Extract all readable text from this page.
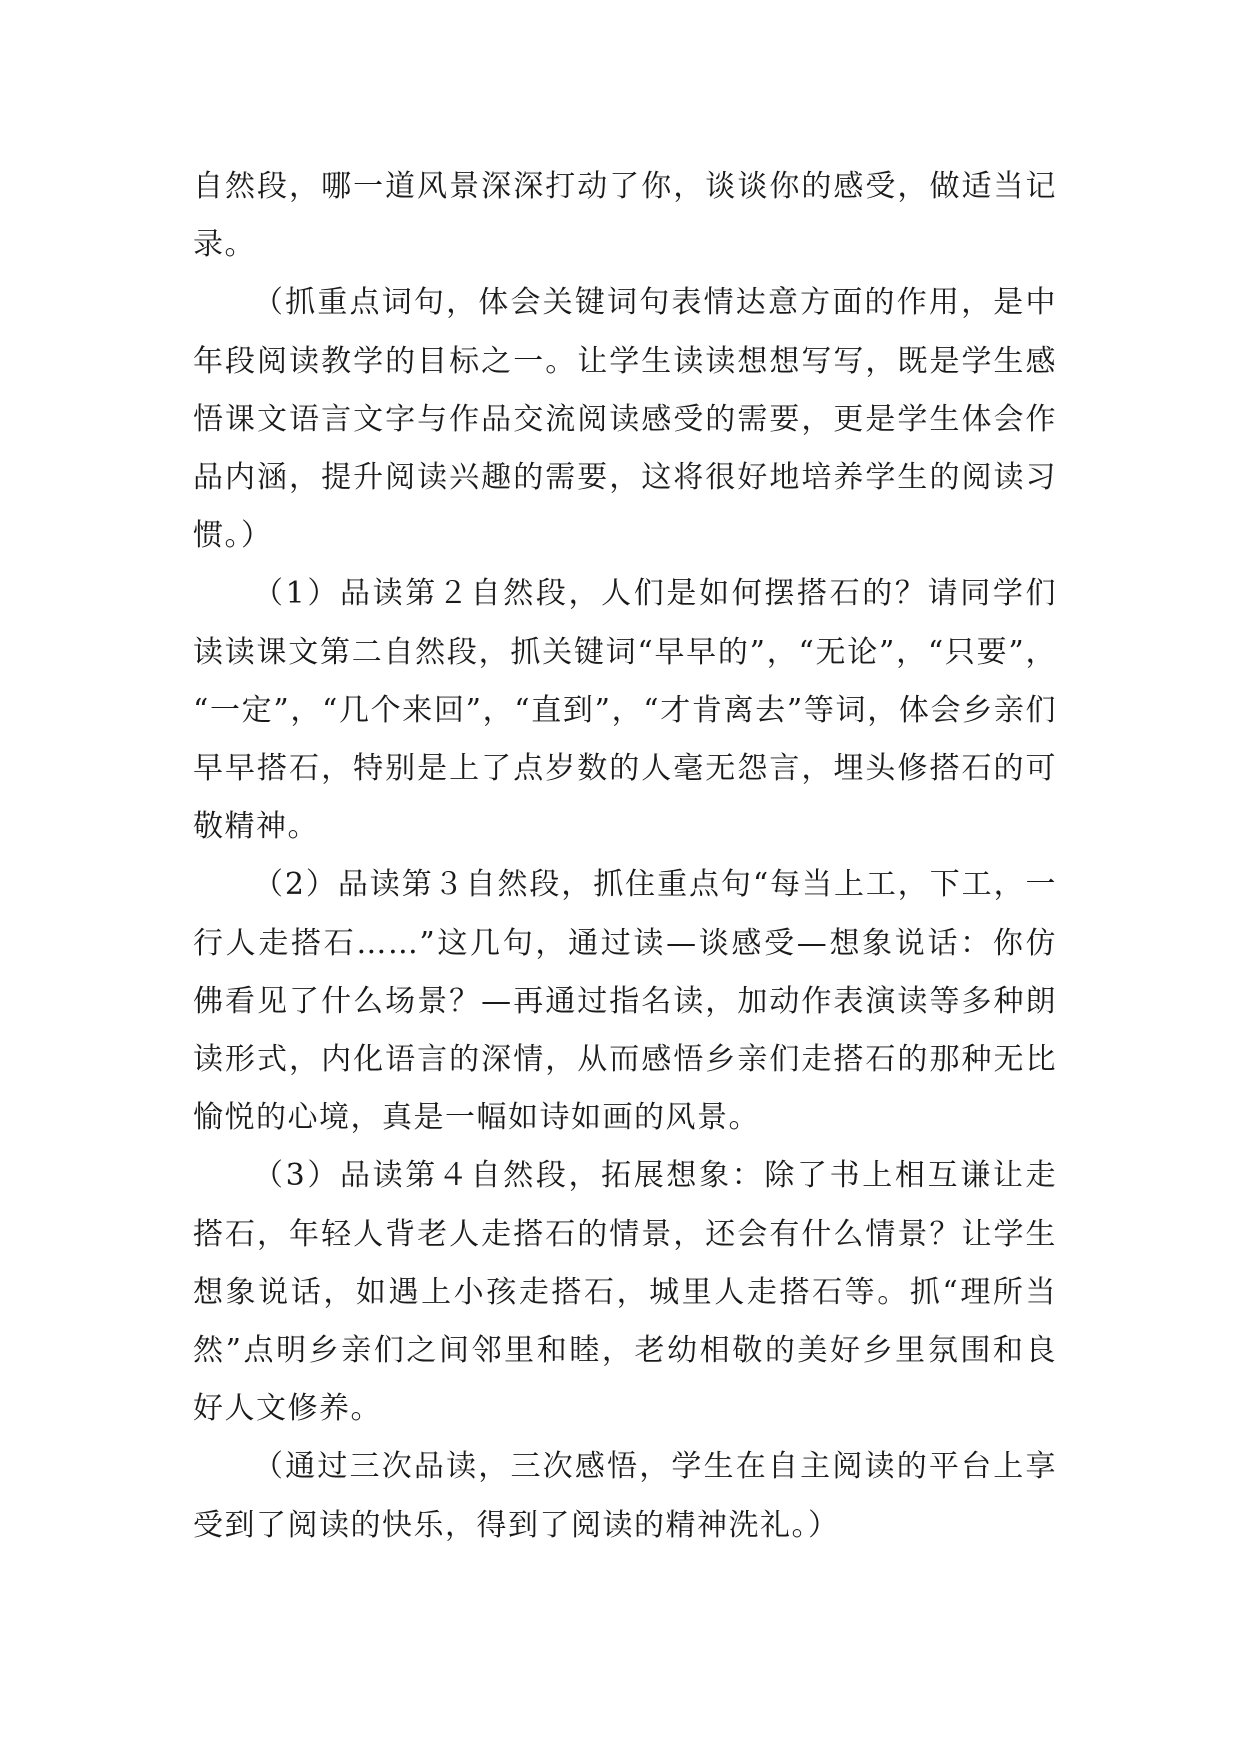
自然段，哪一道风景深深打动了你，谈谈你的感受，做适当记录。

（抓重点词句，体会关键词句表情达意方面的作用，是中年段阅读教学的目标之一。让学生读读想想写写，既是学生感悟课文语言文字与作品交流阅读感受的需要，更是学生体会作品内涵，提升阅读兴趣的需要，这将很好地培养学生的阅读习惯。）

（1）品读第２自然段，人们是如何摆搭石的？请同学们读读课文第二自然段，抓关键词“早早的”，“无论”，“只要”，“一定”，“几个来回”，“直到”，“才肯离去”等词，体会乡亲们早早搭石，特别是上了点岁数的人毫无怨言，埋头修搭石的可敬精神。

（2）品读第３自然段，抓住重点句“每当上工，下工，一行人走搭石……”这几句，通过读—谈感受—想象说话：你仿佛看见了什么场景？—再通过指名读，加动作表演读等多种朗读形式，内化语言的深情，从而感悟乡亲们走搭石的那种无比愉悦的心境，真是一幅如诗如画的风景。

（3）品读第４自然段，拓展想象：除了书上相互谦让走搭石，年轻人背老人走搭石的情景，还会有什么情景？让学生想象说话，如遇上小孩走搭石，城里人走搭石等。抓“理所当然”点明乡亲们之间邻里和睦，老幼相敬的美好乡里氛围和良好人文修养。

（通过三次品读，三次感悟，学生在自主阅读的平台上享受到了阅读的快乐，得到了阅读的精神洗礼。）
